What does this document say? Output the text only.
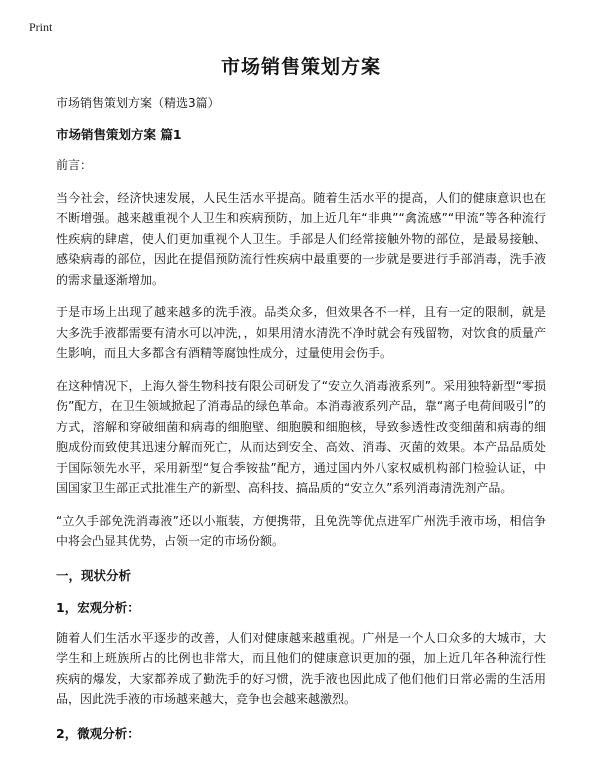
Print
市场销售策划方案
市场销售策划方案（精选3篇）
市场销售策划方案 篇1
前言：
当今社会，经济快速发展，人民生活水平提高。随着生活水平的提高，人们的健康意识也在不断增强。越来越重视个人卫生和疾病预防，加上近几年“非典”“禽流感”“甲流”等各种流行性疾病的肆虐，使人们更加重视个人卫生。手部是人们经常接触外物的部位，是最易接触、感染病毒的部位，因此在提倡预防流行性疾病中最重要的一步就是要进行手部消毒，洗手液的需求量逐渐增加。
于是市场上出现了越来越多的洗手液。品类众多，但效果各不一样，且有一定的限制，就是大多洗手液都需要有清水可以冲洗，，如果用清水清洗不净时就会有残留物，对饮食的质量产生影响，而且大多都含有酒精等腐蚀性成分，过量使用会伤手。
在这种情况下，上海久誉生物科技有限公司研发了“安立久消毒液系列”。采用独特新型“零损伤”配方，在卫生领域掀起了消毒品的绿色革命。本消毒液系列产品，靠“离子电荷间吸引”的方式，溶解和穿破细菌和病毒的细胞壁、细胞膜和细胞核，导致参透性改变细菌和病毒的细胞成份而致使其迅速分解而死亡，从而达到安全、高效、消毒、灭菌的效果。本产品品质处于国际领先水平，采用新型“复合季铵盐”配方，通过国内外八家权威机构部门检验认证，中国国家卫生部正式批准生产的新型、高科技、搞品质的“安立久”系列消毒清洗剂产品。
“立久手部免洗消毒液”还以小瓶装，方便携带，且免洗等优点进军广州洗手液市场，相信争中将会凸显其优势，占领一定的市场份额。
一，现状分析
1，宏观分析：
随着人们生活水平逐步的改善，人们对健康越来越重视。广州是一个人口众多的大城市，大学生和上班族所占的比例也非常大，而且他们的健康意识更加的强，加上近几年各种流行性疾病的爆发，大家都养成了勤洗手的好习惯，洗手液也因此成了他们他们日常必需的生活用品，因此洗手液的市场越来越大，竞争也会越来越激烈。
2，微观分析：
